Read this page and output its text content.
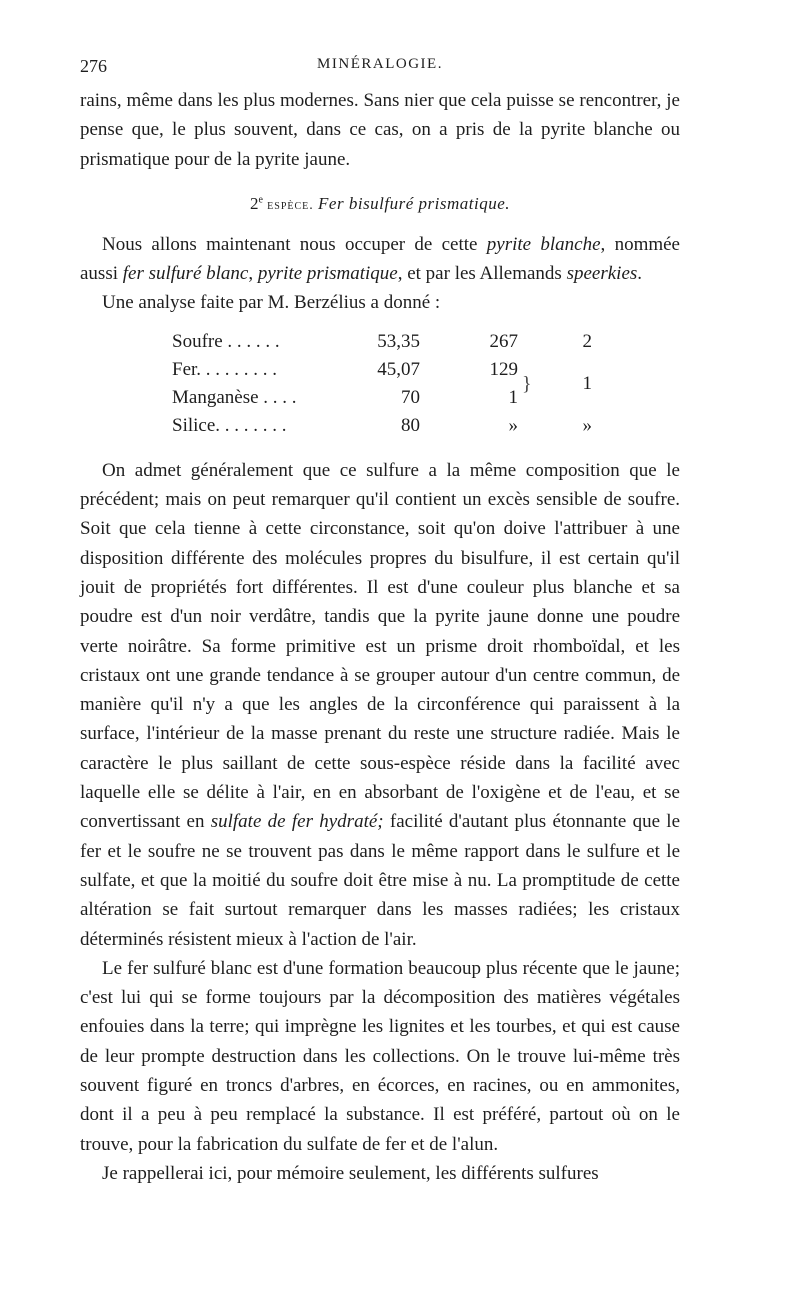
276	MINÉRALOGIE.

rains, même dans les plus modernes. Sans nier que cela puisse se rencontrer, je pense que, le plus souvent, dans ce cas, on a pris de la pyrite blanche ou prismatique pour de la pyrite jaune.

2e espèce. Fer bisulfuré prismatique.

Nous allons maintenant nous occuper de cette pyrite blanche, nommée aussi fer sulfuré blanc, pyrite prismatique, et par les Allemands speerkies.

Une analyse faite par M. Berzélius a donné :

Soufre . . . . . .	53,35	267		2
Fer. . . . . . . . .	45,07	129	}	1
Manganèse . . . .	70	1		
Silice. . . . . . . .	80	»		»

On admet généralement que ce sulfure a la même composition que le précédent; mais on peut remarquer qu'il contient un excès sensible de soufre. Soit que cela tienne à cette circonstance, soit qu'on doive l'attribuer à une disposition différente des molécules propres du bisulfure, il est certain qu'il jouit de propriétés fort différentes. Il est d'une couleur plus blanche et sa poudre est d'un noir verdâtre, tandis que la pyrite jaune donne une poudre verte noirâtre. Sa forme primitive est un prisme droit rhomboïdal, et les cristaux ont une grande tendance à se grouper autour d'un centre commun, de manière qu'il n'y a que les angles de la circonférence qui paraissent à la surface, l'intérieur de la masse prenant du reste une structure radiée. Mais le caractère le plus saillant de cette sous-espèce réside dans la facilité avec laquelle elle se délite à l'air, en en absorbant de l'oxigène et de l'eau, et se convertissant en sulfate de fer hydraté; facilité d'autant plus étonnante que le fer et le soufre ne se trouvent pas dans le même rapport dans le sulfure et le sulfate, et que la moitié du soufre doit être mise à nu. La promptitude de cette altération se fait surtout remarquer dans les masses radiées; les cristaux déterminés résistent mieux à l'action de l'air.

Le fer sulfuré blanc est d'une formation beaucoup plus récente que le jaune; c'est lui qui se forme toujours par la décomposition des matières végétales enfouies dans la terre; qui imprègne les lignites et les tourbes, et qui est cause de leur prompte destruction dans les collections. On le trouve lui-même très souvent figuré en troncs d'arbres, en écorces, en racines, ou en ammonites, dont il a peu à peu remplacé la substance. Il est préféré, partout où on le trouve, pour la fabrication du sulfate de fer et de l'alun.

Je rappellerai ici, pour mémoire seulement, les différents sulfures
